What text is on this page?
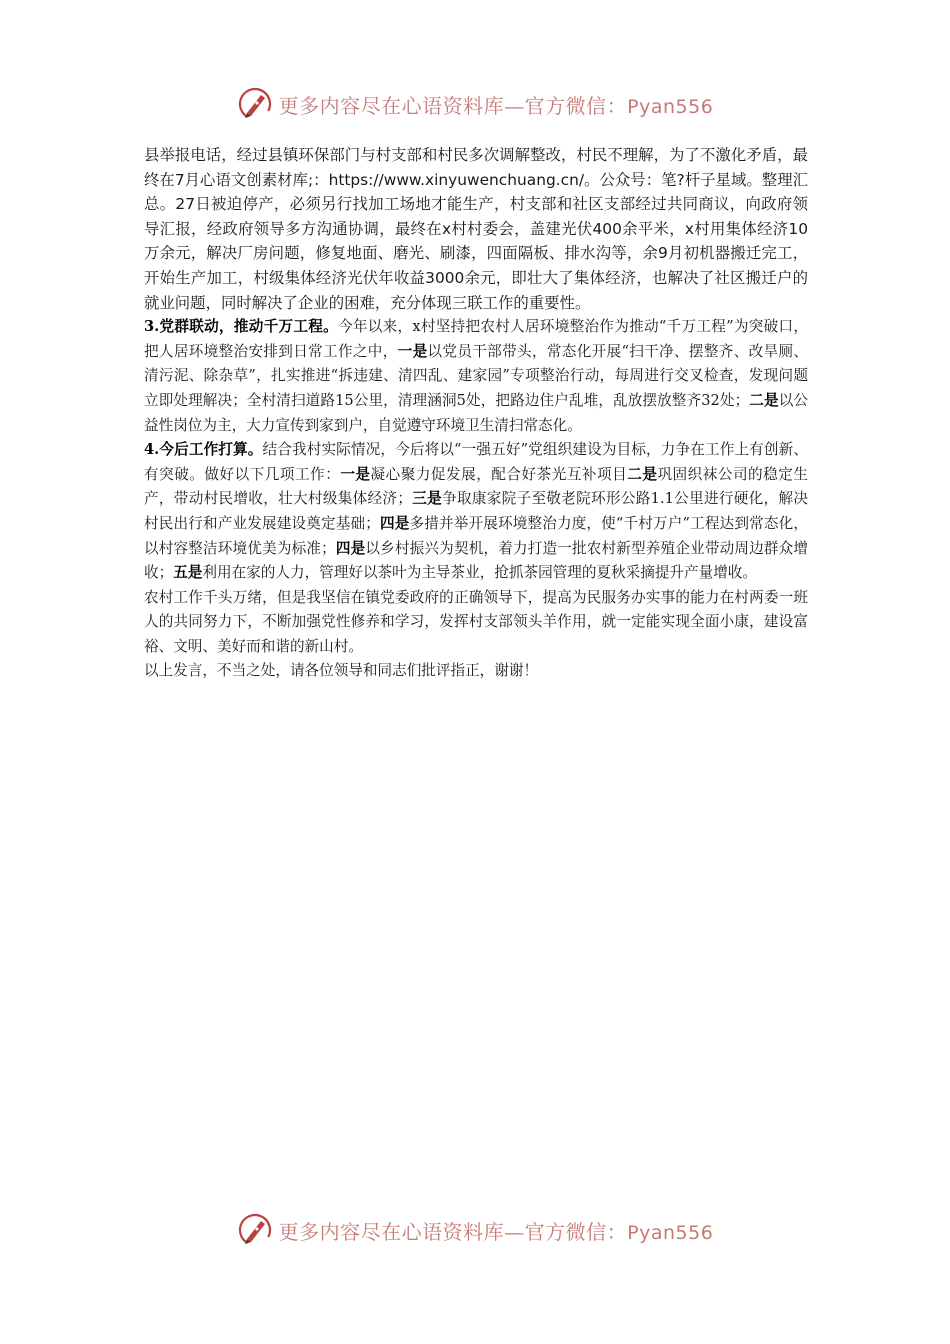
更多内容尽在心语资料库—官方微信：Pyan556

县举报电话，经过县镇环保部门与村支部和村民多次调解整改，村民不理解，为了不激化矛盾，最终在7月心语文创素材库;：https://www.xinyuwenchuang.cn/。公众号：笔?杆子星域。整理汇总。27日被迫停产，必须另行找加工场地才能生产，村支部和社区支部经过共同商议，向政府领导汇报，经政府领导多方沟通协调，最终在x村村委会，盖建光伏400余平米，x村用集体经济10万余元，解决厂房问题，修复地面、磨光、刷漆，四面隔板、排水沟等，余9月初机器搬迁完工，开始生产加工，村级集体经济光伏年收益3000余元，即壮大了集体经济，也解决了社区搬迁户的就业问题，同时解决了企业的困难，充分体现三联工作的重要性。

3.党群联动，推动千万工程。今年以来，x村坚持把农村人居环境整治作为推动“千万工程”为突破口，把人居环境整治安排到日常工作之中，一是以党员干部带头，常态化开展“扫干净、摆整齐、改旱厕、清污泥、除杂草”，扎实推进“拆违建、清四乱、建家园”专项整治行动，每周进行交叉检查，发现问题立即处理解决；全村清扫道路15公里，清理涵洞5处，把路边住户乱堆，乱放摆放整齐32处；二是以公益性岗位为主，大力宣传到家到户，自觉遵守环境卫生清扫常态化。

4.今后工作打算。结合我村实际情况，今后将以“一强五好”党组织建设为目标，力争在工作上有创新、有突破。做好以下几项工作：一是凝心聚力促发展，配合好茶光互补项目二是巩固织袜公司的稳定生产，带动村民增收，壮大村级集体经济；三是争取康家院子至敬老院环形公路1.1公里进行硬化，解决村民出行和产业发展建设奠定基础；四是多措并举开展环境整治力度，使“千村万户”工程达到常态化，以村容整洁环境优美为标准；四是以乡村振兴为契机，着力打造一批农村新型养殖企业带动周边群众增收；五是利用在家的人力，管理好以茶叶为主导茶业，抢抓茶园管理的夏秋采摘提升产量增收。

农村工作千头万绪，但是我坚信在镇党委政府的正确领导下，提高为民服务办实事的能力在村两委一班人的共同努力下，不断加强党性修养和学习，发挥村支部领头羊作用，就一定能实现全面小康，建设富裕、文明、美好而和谐的新山村。

以上发言，不当之处，请各位领导和同志们批评指正，谢谢！

更多内容尽在心语资料库—官方微信：Pyan556
